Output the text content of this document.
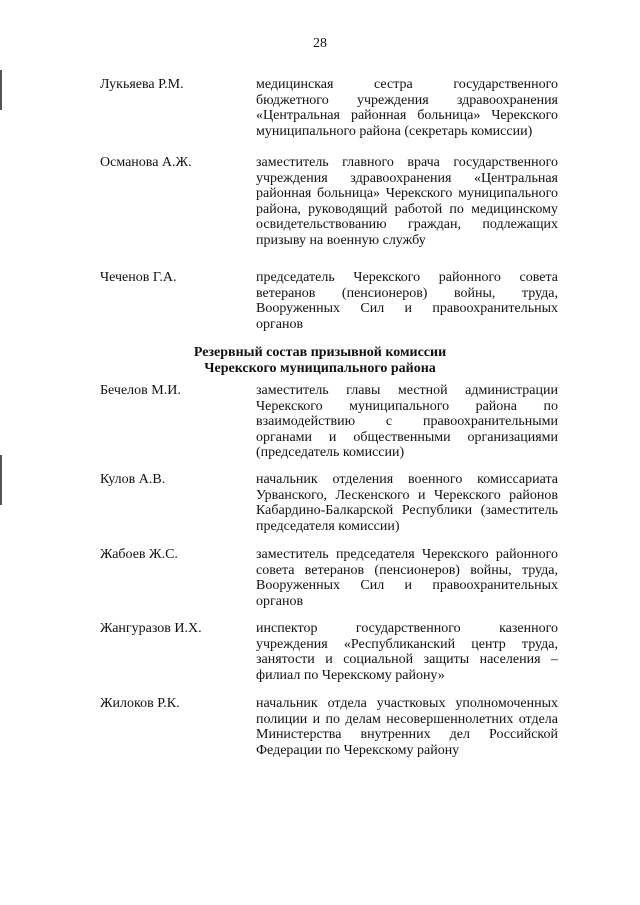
28
Лукьяева Р.М.	медицинская сестра государственного бюджетного учреждения здравоохранения «Центральная районная больница» Черекского муниципального района (секретарь комиссии)
Османова А.Ж.	заместитель главного врача государственного учреждения здравоохранения «Центральная районная больница» Черекского муниципального района, руководящий работой по медицинскому освидетельствованию граждан, подлежащих призыву на военную службу
Чеченов Г.А.	председатель Черекского районного совета ветеранов (пенсионеров) войны, труда, Вооруженных Сил и правоохранительных органов
Резервный состав призывной комиссии
Черекского муниципального района
Бечелов М.И.	заместитель главы местной администрации Черекского муниципального района по взаимодействию с правоохранительными органами и общественными организациями (председатель комиссии)
Кулов А.В.	начальник отделения военного комиссариата Урванского, Лескенского и Черекского районов Кабардино-Балкарской Республики (заместитель председателя комиссии)
Жабоев Ж.С.	заместитель председателя Черекского районного совета ветеранов (пенсионеров) войны, труда, Вооруженных Сил и правоохранительных органов
Жангуразов И.Х.	инспектор государственного казенного учреждения «Республиканский центр труда, занятости и социальной защиты населения – филиал по Черекскому району»
Жилоков Р.К.	начальник отдела участковых уполномоченных полиции и по делам несовершеннолетних отдела Министерства внутренних дел Российской Федерации по Черекскому району
